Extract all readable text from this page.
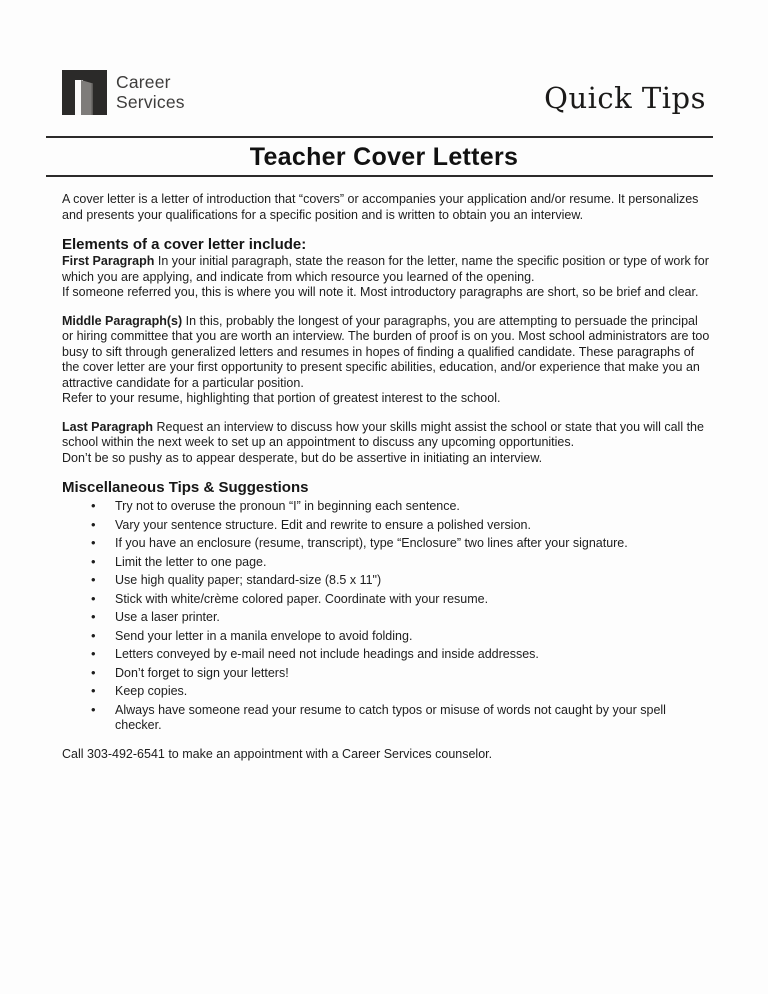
Career
Services	Quick Tips
Teacher Cover Letters

A cover letter is a letter of introduction that “covers” or accompanies your application and/or resume. It personalizes and presents your qualifications for a specific position and is written to obtain you an interview.

Elements of a cover letter include:

First Paragraph In your initial paragraph, state the reason for the letter, name the specific position or type of work for which you are applying, and indicate from which resource you learned of the opening.
If someone referred you, this is where you will note it. Most introductory paragraphs are short, so be brief and clear.

Middle Paragraph(s) In this, probably the longest of your paragraphs, you are attempting to persuade the principal or hiring committee that you are worth an interview. The burden of proof is on you. Most school administrators are too busy to sift through generalized letters and resumes in hopes of finding a qualified candidate. These paragraphs of the cover letter are your first opportunity to present specific abilities, education, and/or experience that make you an attractive candidate for a particular position.
Refer to your resume, highlighting that portion of greatest interest to the school.

Last Paragraph Request an interview to discuss how your skills might assist the school or state that you will call the school within the next week to set up an appointment to discuss any upcoming opportunities.
Don’t be so pushy as to appear desperate, but do be assertive in initiating an interview.

Miscellaneous Tips & Suggestions
• Try not to overuse the pronoun “I” in beginning each sentence.
• Vary your sentence structure. Edit and rewrite to ensure a polished version.
• If you have an enclosure (resume, transcript), type “Enclosure” two lines after your signature.
• Limit the letter to one page.
• Use high quality paper; standard-size (8.5 x 11")
• Stick with white/crème colored paper. Coordinate with your resume.
• Use a laser printer.
• Send your letter in a manila envelope to avoid folding.
• Letters conveyed by e-mail need not include headings and inside addresses.
• Don’t forget to sign your letters!
• Keep copies.
• Always have someone read your resume to catch typos or misuse of words not caught by your spell checker.

Call 303-492-6541 to make an appointment with a Career Services counselor.
